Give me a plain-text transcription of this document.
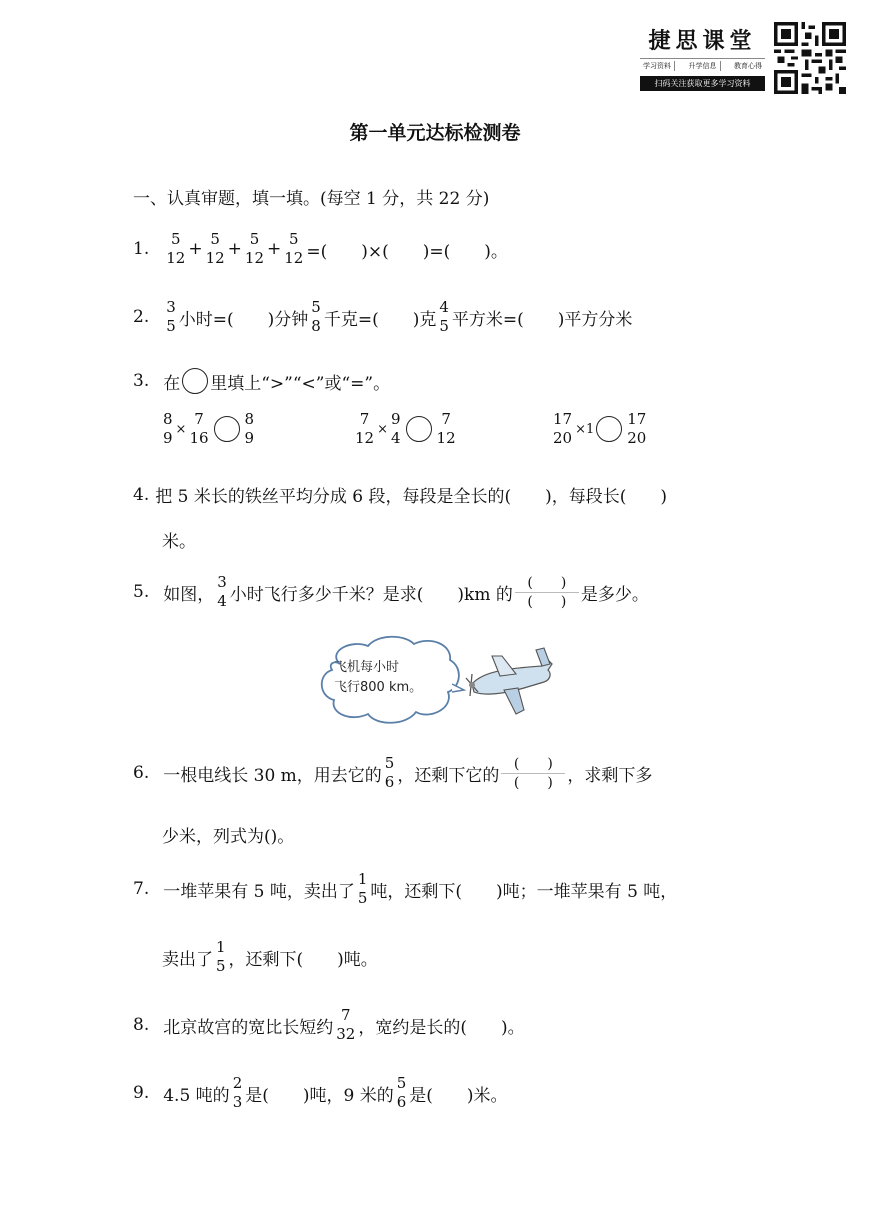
捷思课堂
学习资料	升学信息	教育心得
扫码关注获取更多学习资料
第一单元达标检测卷
一、认真审题，填一填。(每空 1 分，共 22 分)
1. 5
12 + 5
12 + 5
12 + 5
12 =(　　)×(　　)=(　　)。
2. 3
5 小时=(　　)分钟
5
8 千克=(　　)克
4
5 平方米=(　　)平方分米
3. 在 里填上“>”“<”或“=”。
8
9 ×
7
16
8
9
7
12 ×
9
4
7
12
17
20 ×1
17
20
4. 把 5 米长的铁丝平均分成 6 段，每段是全长的(　　)，每段长(　　)
米。
5. 如图，
3
4 小时飞行多少千米？是求(　　)km 的 $\frac{( )}{( )}$ 是多少。
飞机每小时
飞行800 km。
6. 一根电线长 30 m，用去它的
5
6 ，还剩下它的 $\frac{( )}{( )}$ ，求剩下多
少米，列式为()。
7. 一堆苹果有 5 吨，卖出了
1
5 吨，还剩下(　　)吨；一堆苹果有 5 吨，
卖出了
1
5 ，还剩下(　　)吨。
8. 北京故宫的宽比长短约
7
32 ，宽约是长的(　　)。
9. 4.5 吨的
2
3 是(　　)吨，9 米的
5
6 是(　　)米。
